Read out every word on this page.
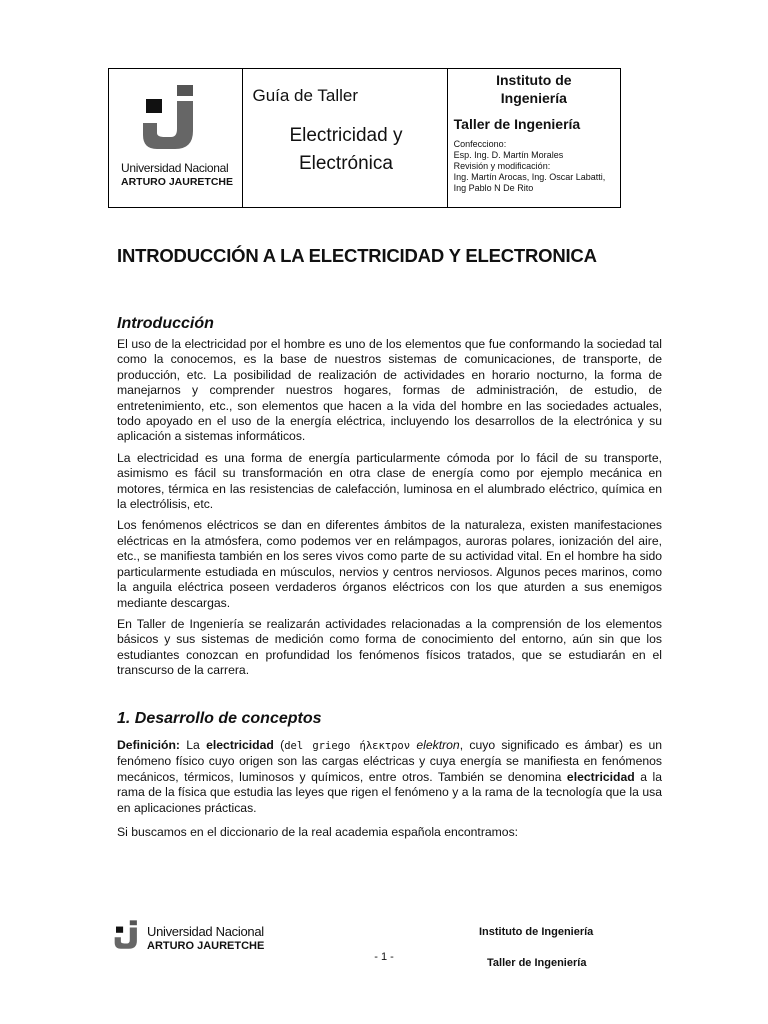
Universidad Nacional
ARTURO JAURETCHE
Guía de Taller
Electricidad y
Electrónica
Instituto de
Ingeniería
Taller de Ingeniería
Confecciono:
Esp. Ing. D. Martín Morales
Revisión y modificación:
Ing. Martín Arocas, Ing. Oscar Labatti,
Ing Pablo N De Rito
INTRODUCCIÓN A LA ELECTRICIDAD Y ELECTRONICA
Introducción

El uso de la electricidad por el hombre es uno de los elementos que fue conformando la sociedad tal como la conocemos, es la base de nuestros sistemas de comunicaciones, de transporte, de producción, etc. La posibilidad de realización de actividades en horario nocturno, la forma de manejarnos y comprender nuestros hogares, formas de administración, de estudio, de entretenimiento, etc., son elementos que hacen a la vida del hombre en las sociedades actuales, todo apoyado en el uso de la energía eléctrica, incluyendo los desarrollos de la electrónica y su aplicación a sistemas informáticos.

La electricidad es una forma de energía particularmente cómoda por lo fácil de su transporte, asimismo es fácil su transformación en otra clase de energía como por ejemplo mecánica en motores, térmica en las resistencias de calefacción, luminosa en el alumbrado eléctrico, química en la electrólisis, etc.

Los fenómenos eléctricos se dan en diferentes ámbitos de la naturaleza, existen manifestaciones eléctricas en la atmósfera, como podemos ver en relámpagos, auroras polares, ionización del aire, etc., se manifiesta también en los seres vivos como parte de su actividad vital. En el hombre ha sido particularmente estudiada en músculos, nervios y centros nerviosos. Algunos peces marinos, como la anguila eléctrica poseen verdaderos órganos eléctricos con los que aturden a sus enemigos mediante descargas.

En Taller de Ingeniería se realizarán actividades relacionadas a la comprensión de los elementos básicos y sus sistemas de medición como forma de conocimiento del entorno, aún sin que los estudiantes conozcan en profundidad los fenómenos físicos tratados, que se estudiarán en el transcurso de la carrera.

1. Desarrollo de conceptos

Definición: La electricidad (del griego ήλεκτρον elektron, cuyo significado es ámbar) es un fenómeno físico cuyo origen son las cargas eléctricas y cuya energía se manifiesta en fenómenos mecánicos, térmicos, luminosos y químicos, entre otros. También se denomina electricidad a la rama de la física que estudia las leyes que rigen el fenómeno y a la rama de la tecnología que la usa en aplicaciones prácticas.

Si buscamos en el diccionario de la real academia española encontramos:

Universidad Nacional
ARTURO JAURETCHE
- 1 -
Instituto de Ingeniería
Taller de Ingeniería
